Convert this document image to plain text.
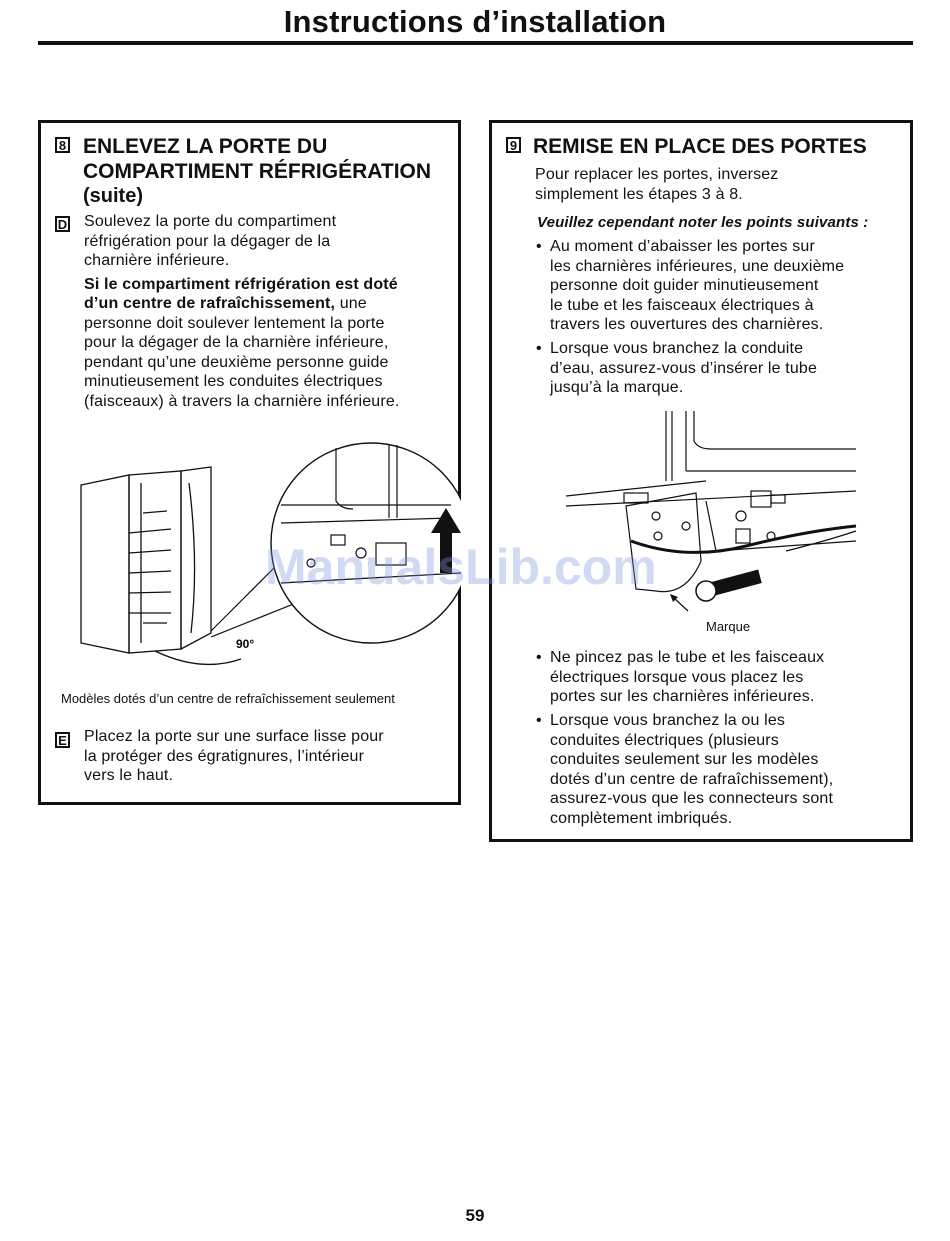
Instructions d’installation
8 ENLEVEZ LA PORTE DU
COMPARTIMENT RÉFRIGÉRATION
(suite)
D Soulevez la porte du compartiment
réfrigération pour la dégager de la
charnière inférieure.
Si le compartiment réfrigération est doté
d’un centre de rafraîchissement, une
personne doit soulever lentement la porte
pour la dégager de la charnière inférieure,
pendant qu’une deuxième personne guide
minutieusement les conduites électriques
(faisceaux) à travers la charnière inférieure.
90°
Modèles dotés d’un centre de refraîchissement seulement
E Placez la porte sur une surface lisse pour
la protéger des égratignures, l’intérieur
vers le haut.
9 REMISE EN PLACE DES PORTES
Pour replacer les portes, inversez
simplement les étapes 3 à 8.
Veuillez cependant noter les points suivants :
• Au moment d’abaisser les portes sur
les charnières inférieures, une deuxième
personne doit guider minutieusement
le tube et les faisceaux électriques à
travers les ouvertures des charnières.
• Lorsque vous branchez la conduite
d’eau, assurez-vous d’insérer le tube
jusqu’à la marque.
Marque
• Ne pincez pas le tube et les faisceaux
électriques lorsque vous placez les
portes sur les charnières inférieures.
• Lorsque vous branchez la ou les
conduites électriques (plusieurs
conduites seulement sur les modèles
dotés d’un centre de rafraîchissement),
assurez-vous que les connecteurs sont
complètement imbriqués.
ManualsLib.com
59
